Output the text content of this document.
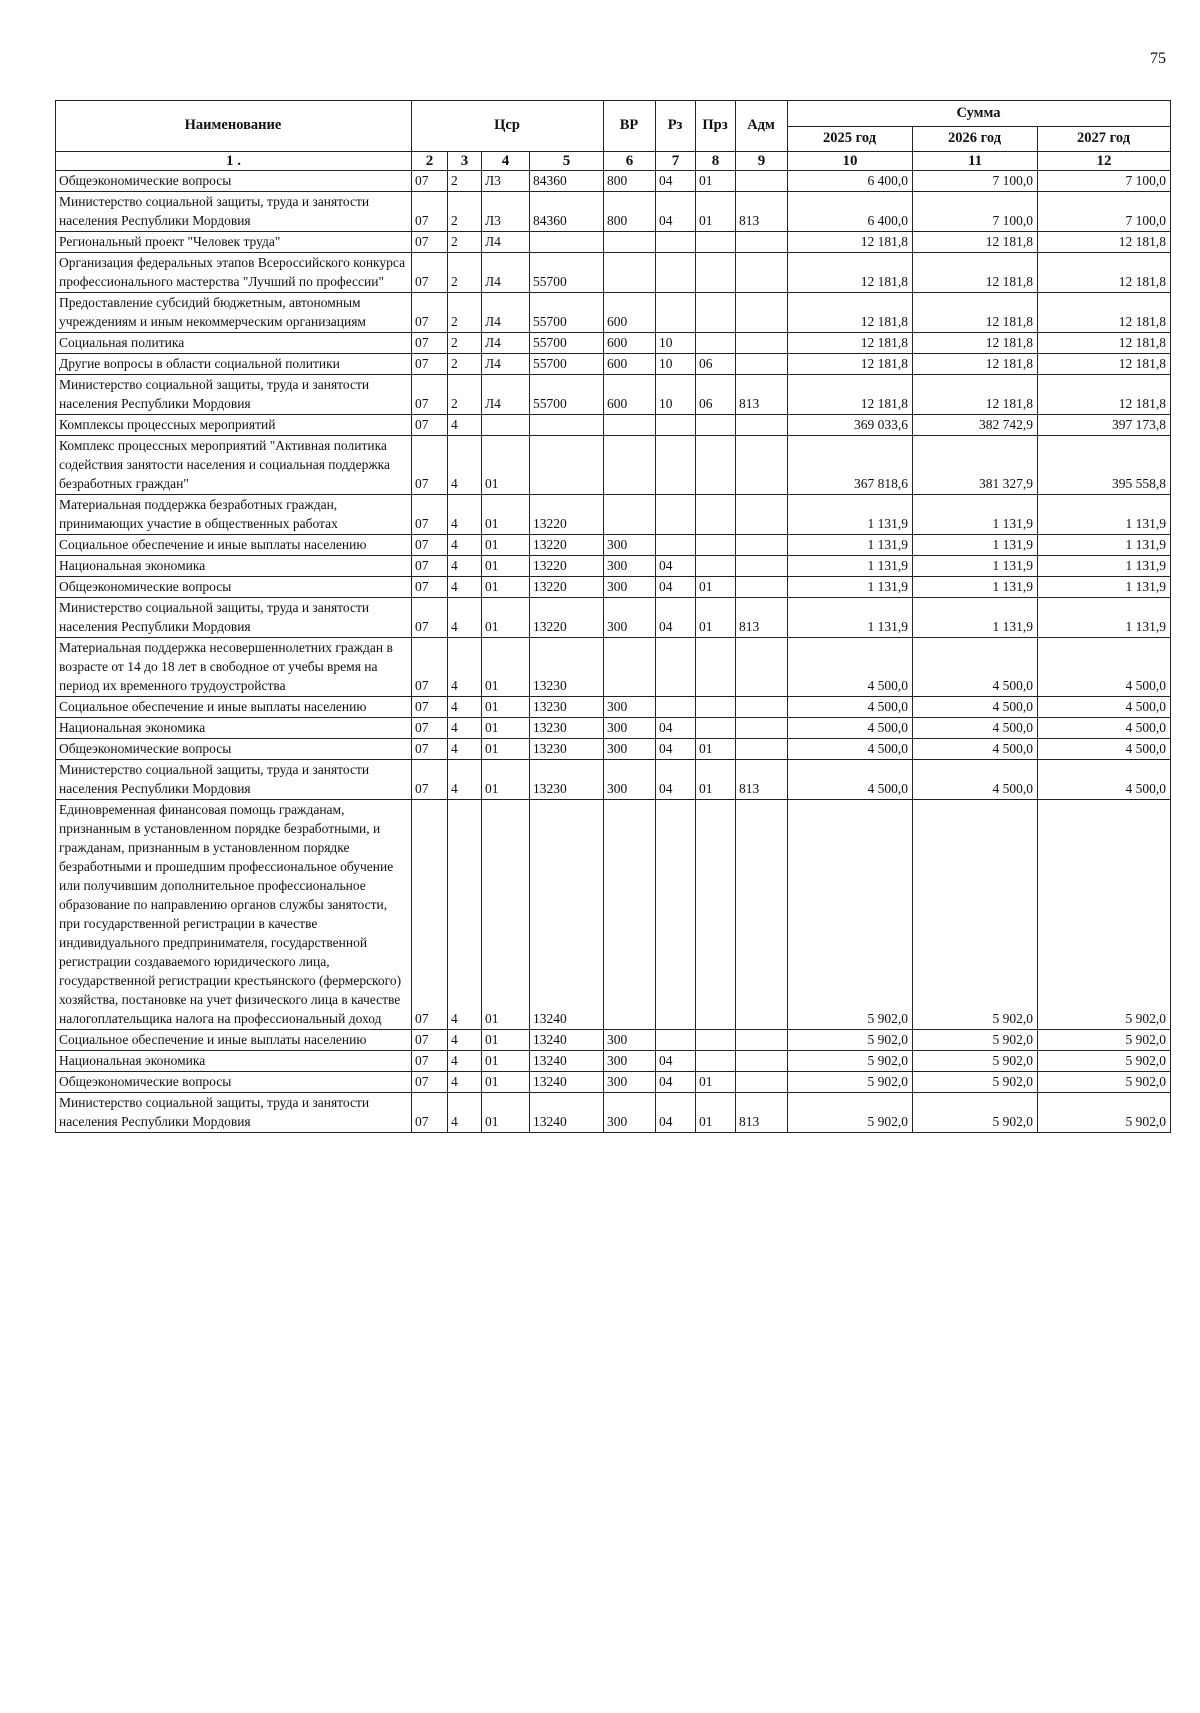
75
Наименование	Цср				ВР	Рз	Прз	Адм	Сумма		
									2025 год	2026 год	2027 год
1 .	2	3	4	5	6	7	8	9	10	11	12
Общеэкономические вопросы	07	2	Л3	84360	800	04	01		6 400,0	7 100,0	7 100,0
Министерство социальной защиты, труда и занятости населения Республики Мордовия	07	2	Л3	84360	800	04	01	813	6 400,0	7 100,0	7 100,0
Региональный проект "Человек труда"	07	2	Л4						12 181,8	12 181,8	12 181,8
Организация федеральных этапов Всероссийского конкурса профессионального мастерства "Лучший по профессии"	07	2	Л4	55700					12 181,8	12 181,8	12 181,8
Предоставление субсидий бюджетным, автономным учреждениям и иным некоммерческим организациям	07	2	Л4	55700	600				12 181,8	12 181,8	12 181,8
Социальная политика	07	2	Л4	55700	600	10			12 181,8	12 181,8	12 181,8
Другие вопросы в области социальной политики	07	2	Л4	55700	600	10	06		12 181,8	12 181,8	12 181,8
Министерство социальной защиты, труда и занятости населения Республики Мордовия	07	2	Л4	55700	600	10	06	813	12 181,8	12 181,8	12 181,8
Комплексы процессных мероприятий	07	4							369 033,6	382 742,9	397 173,8
Комплекс процессных мероприятий "Активная политика содействия занятости населения и социальная поддержка безработных граждан"	07	4	01						367 818,6	381 327,9	395 558,8
Материальная поддержка безработных граждан, принимающих участие в общественных работах	07	4	01	13220					1 131,9	1 131,9	1 131,9
Социальное обеспечение и иные выплаты населению	07	4	01	13220	300				1 131,9	1 131,9	1 131,9
Национальная экономика	07	4	01	13220	300	04			1 131,9	1 131,9	1 131,9
Общеэкономические вопросы	07	4	01	13220	300	04	01		1 131,9	1 131,9	1 131,9
Министерство социальной защиты, труда и занятости населения Республики Мордовия	07	4	01	13220	300	04	01	813	1 131,9	1 131,9	1 131,9
Материальная поддержка несовершеннолетних граждан в возрасте от 14 до 18 лет в свободное от учебы время на период их временного трудоустройства	07	4	01	13230					4 500,0	4 500,0	4 500,0
Социальное обеспечение и иные выплаты населению	07	4	01	13230	300				4 500,0	4 500,0	4 500,0
Национальная экономика	07	4	01	13230	300	04			4 500,0	4 500,0	4 500,0
Общеэкономические вопросы	07	4	01	13230	300	04	01		4 500,0	4 500,0	4 500,0
Министерство социальной защиты, труда и занятости населения Республики Мордовия	07	4	01	13230	300	04	01	813	4 500,0	4 500,0	4 500,0
Единовременная финансовая помощь гражданам, признанным в установленном порядке безработными, и гражданам, признанным в установленном порядке безработными и прошедшим профессиональное обучение или получившим дополнительное профессиональное образование по направлению органов службы занятости, при государственной регистрации в качестве индивидуального предпринимателя, государственной регистрации создаваемого юридического лица, государственной регистрации крестьянского (фермерского) хозяйства, постановке на учет физического лица в качестве налогоплательщика налога на профессиональный доход	07	4	01	13240					5 902,0	5 902,0	5 902,0
Социальное обеспечение и иные выплаты населению	07	4	01	13240	300				5 902,0	5 902,0	5 902,0
Национальная экономика	07	4	01	13240	300	04			5 902,0	5 902,0	5 902,0
Общеэкономические вопросы	07	4	01	13240	300	04	01		5 902,0	5 902,0	5 902,0
Министерство социальной защиты, труда и занятости населения Республики Мордовия	07	4	01	13240	300	04	01	813	5 902,0	5 902,0	5 902,0
